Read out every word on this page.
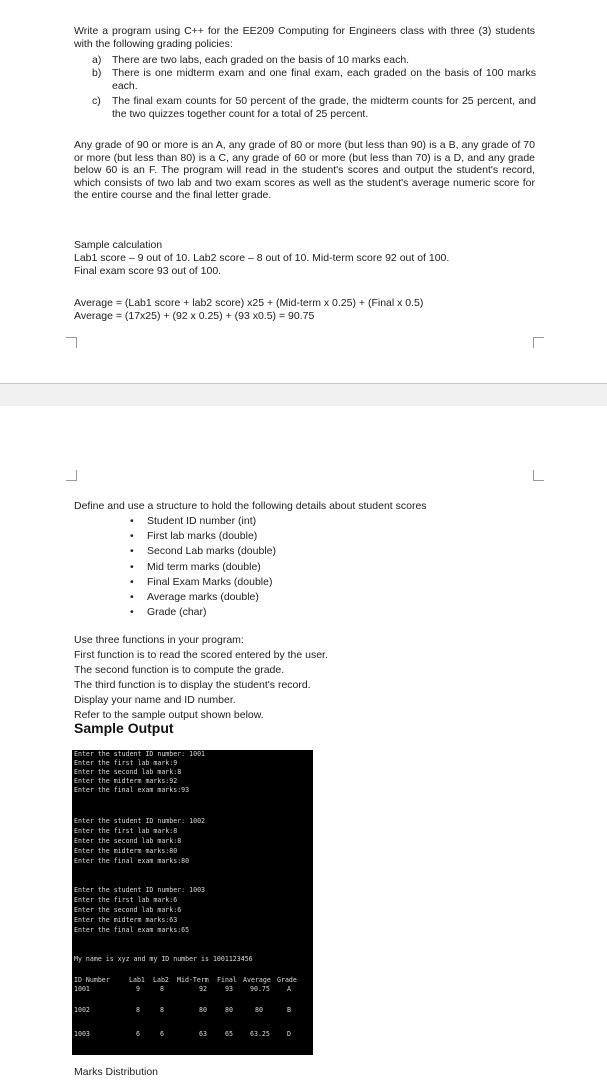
Write a program using C++ for the EE209 Computing for Engineers class with three (3) students with the following grading policies:
a) There are two labs, each graded on the basis of 10 marks each.
b) There is one midterm exam and one final exam, each graded on the basis of 100 marks each.
c) The final exam counts for 50 percent of the grade, the midterm counts for 25 percent, and the two quizzes together count for a total of 25 percent.
Any grade of 90 or more is an A, any grade of 80 or more (but less than 90) is a B, any grade of 70 or more (but less than 80) is a C, any grade of 60 or more (but less than 70) is a D, and any grade below 60 is an F. The program will read in the student's scores and output the student's record, which consists of two lab and two exam scores as well as the student's average numeric score for the entire course and the final letter grade.
Sample calculation
Lab1 score – 9 out of 10. Lab2 score – 8 out of 10. Mid-term score 92 out of 100.
Final exam score 93 out of 100.
Average = (Lab1 score + lab2 score) x25 + (Mid-term x 0.25) + (Final x 0.5)
Average = (17x25) + (92 x 0.25) + (93 x0.5) = 90.75
Define and use a structure to hold the following details about student scores
• Student ID number (int)
• First lab marks (double)
• Second Lab marks (double)
• Mid term marks (double)
• Final Exam Marks (double)
• Average marks (double)
• Grade (char)
Use three functions in your program:
First function is to read the scored entered by the user.
The second function is to compute the grade.
The third function is to display the student's record.
Display your name and ID number.
Refer to the sample output shown below.
Sample Output
Enter the student ID number: 1001
Enter the first lab mark:9
Enter the second lab mark:8
Enter the midterm marks:92
Enter the final exam marks:93
Enter the student ID number: 1002
Enter the first lab mark:8
Enter the second lab mark:8
Enter the midterm marks:80
Enter the final exam marks:80
Enter the student ID number: 1003
Enter the first lab mark:6
Enter the second lab mark:6
Enter the midterm marks:63
Enter the final exam marks:65
My name is xyz and my ID number is 1001123456
ID Number	Lab1 Lab2 Mid-Term Final Average Grade
1001	9	8	92	93	90.75	A
1002	8	8	80	80	80	B
1003	6	6	63	65	63.25	D
Marks Distribution
